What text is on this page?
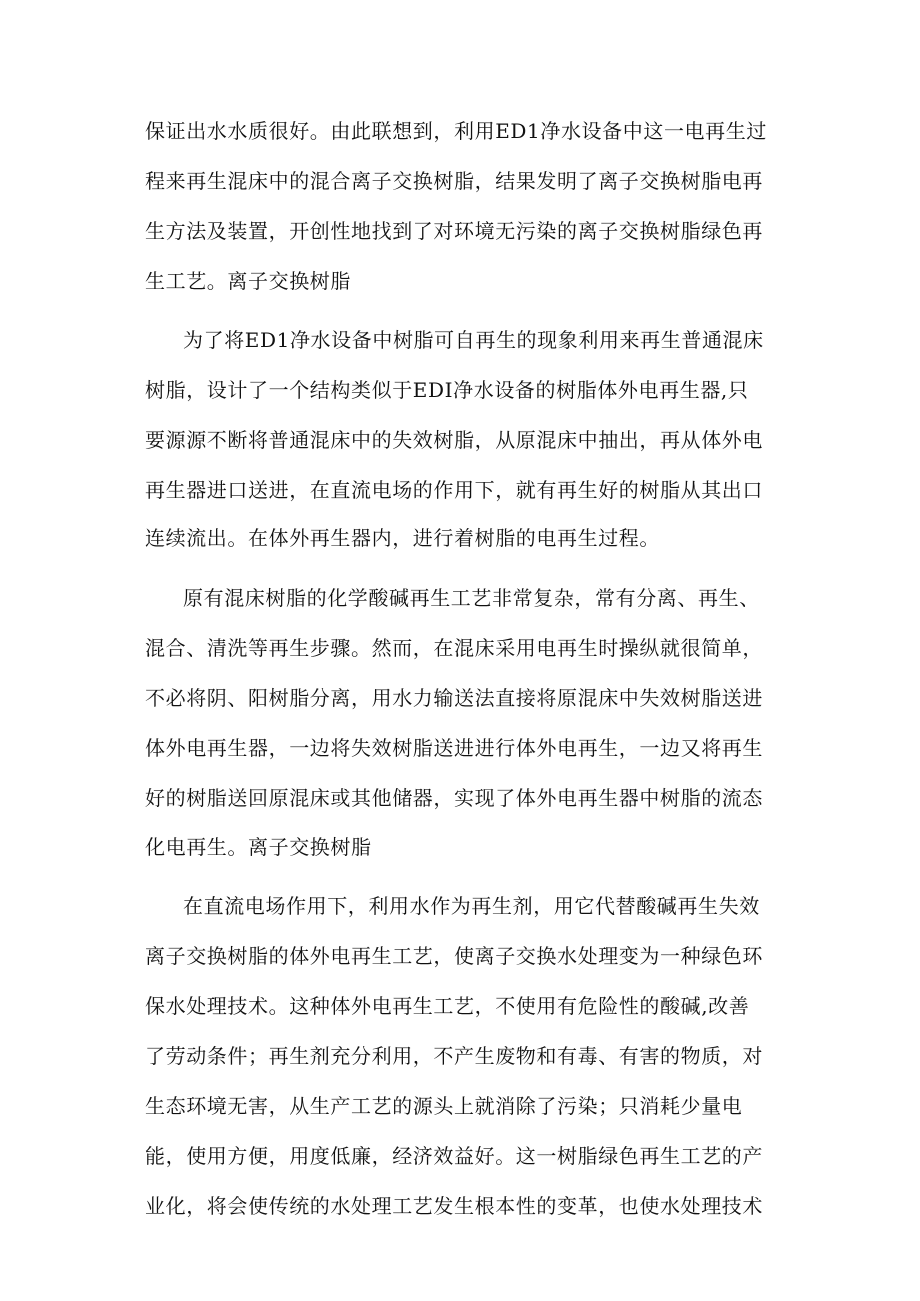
保证出水水质很好。由此联想到，利用ED1净水设备中这一电再生过
程来再生混床中的混合离子交换树脂，结果发明了离子交换树脂电再
生方法及装置，开创性地找到了对环境无污染的离子交换树脂绿色再
生工艺。离子交换树脂
为了将ED1净水设备中树脂可自再生的现象利用来再生普通混床
树脂，设计了一个结构类似于EDI净水设备的树脂体外电再生器,只
要源源不断将普通混床中的失效树脂，从原混床中抽出，再从体外电
再生器进口送进，在直流电场的作用下，就有再生好的树脂从其出口
连续流出。在体外再生器内，进行着树脂的电再生过程。
原有混床树脂的化学酸碱再生工艺非常复杂，常有分离、再生、
混合、清洗等再生步骤。然而，在混床采用电再生时操纵就很简单，
不必将阴、阳树脂分离，用水力输送法直接将原混床中失效树脂送进
体外电再生器，一边将失效树脂送进进行体外电再生，一边又将再生
好的树脂送回原混床或其他储器，实现了体外电再生器中树脂的流态
化电再生。离子交换树脂
在直流电场作用下，利用水作为再生剂，用它代替酸碱再生失效
离子交换树脂的体外电再生工艺，使离子交换水处理变为一种绿色环
保水处理技术。这种体外电再生工艺，不使用有危险性的酸碱,改善
了劳动条件；再生剂充分利用，不产生废物和有毒、有害的物质，对
生态环境无害，从生产工艺的源头上就消除了污染；只消耗少量电
能，使用方便，用度低廉，经济效益好。这一树脂绿色再生工艺的产
业化，将会使传统的水处理工艺发生根本性的变革，也使水处理技术
